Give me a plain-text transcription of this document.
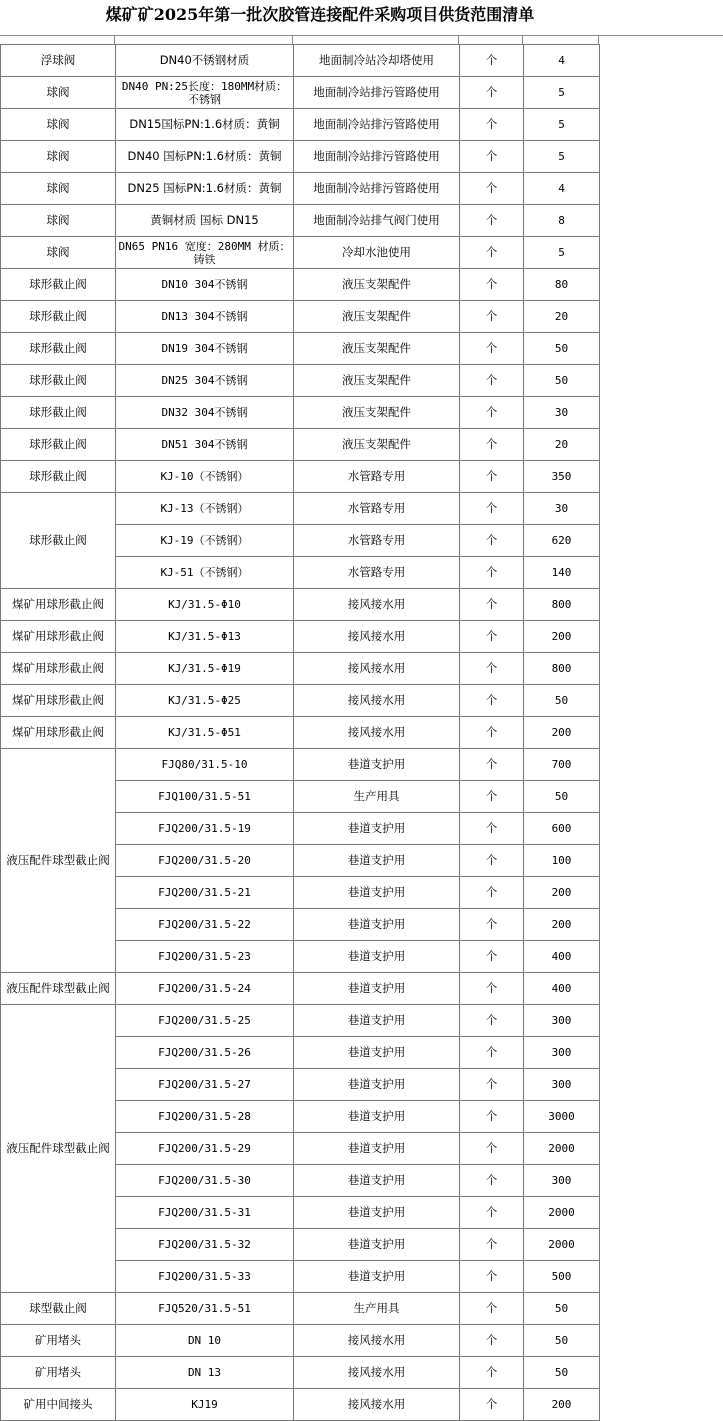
煤矿矿2025年第一批次胶管连接配件采购项目供货范围清单
浮球阀	DN40不锈钢材质	地面制冷站冷却塔使用	个	4
球阀	DN40 PN:25长度：180MM材质：不锈钢	地面制冷站排污管路使用	个	5
球阀	DN15国标PN:1.6材质：黄铜	地面制冷站排污管路使用	个	5
球阀	DN40 国标PN:1.6材质：黄铜	地面制冷站排污管路使用	个	5
球阀	DN25 国标PN:1.6材质：黄铜	地面制冷站排污管路使用	个	4
球阀	黄铜材质 国标 DN15	地面制冷站排气阀门使用	个	8
球阀	DN65 PN16 宽度：280MM 材质：铸铁	冷却水池使用	个	5
球形截止阀	DN10 304不锈钢	液压支架配件	个	80
球形截止阀	DN13 304不锈钢	液压支架配件	个	20
球形截止阀	DN19 304不锈钢	液压支架配件	个	50
球形截止阀	DN25 304不锈钢	液压支架配件	个	50
球形截止阀	DN32 304不锈钢	液压支架配件	个	30
球形截止阀	DN51 304不锈钢	液压支架配件	个	20
球形截止阀	KJ-10（不锈钢）	水管路专用	个	350
球形截止阀	KJ-13（不锈钢）	水管路专用	个	30
	KJ-19（不锈钢）	水管路专用	个	620
	KJ-51（不锈钢）	水管路专用	个	140
煤矿用球形截止阀	KJ/31.5-Φ10	接风接水用	个	800
煤矿用球形截止阀	KJ/31.5-Φ13	接风接水用	个	200
煤矿用球形截止阀	KJ/31.5-Φ19	接风接水用	个	800
煤矿用球形截止阀	KJ/31.5-Φ25	接风接水用	个	50
煤矿用球形截止阀	KJ/31.5-Φ51	接风接水用	个	200
液压配件球型截止阀	FJQ80/31.5-10	巷道支护用	个	700
	FJQ100/31.5-51	生产用具	个	50
	FJQ200/31.5-19	巷道支护用	个	600
	FJQ200/31.5-20	巷道支护用	个	100
	FJQ200/31.5-21	巷道支护用	个	200
	FJQ200/31.5-22	巷道支护用	个	200
	FJQ200/31.5-23	巷道支护用	个	400
液压配件球型截止阀	FJQ200/31.5-24	巷道支护用	个	400
液压配件球型截止阀	FJQ200/31.5-25	巷道支护用	个	300
	FJQ200/31.5-26	巷道支护用	个	300
	FJQ200/31.5-27	巷道支护用	个	300
	FJQ200/31.5-28	巷道支护用	个	3000
	FJQ200/31.5-29	巷道支护用	个	2000
	FJQ200/31.5-30	巷道支护用	个	300
	FJQ200/31.5-31	巷道支护用	个	2000
	FJQ200/31.5-32	巷道支护用	个	2000
	FJQ200/31.5-33	巷道支护用	个	500
球型截止阀	FJQ520/31.5-51	生产用具	个	50
矿用堵头	DN 10	接风接水用	个	50
矿用堵头	DN 13	接风接水用	个	50
矿用中间接头	KJ19	接风接水用	个	200
